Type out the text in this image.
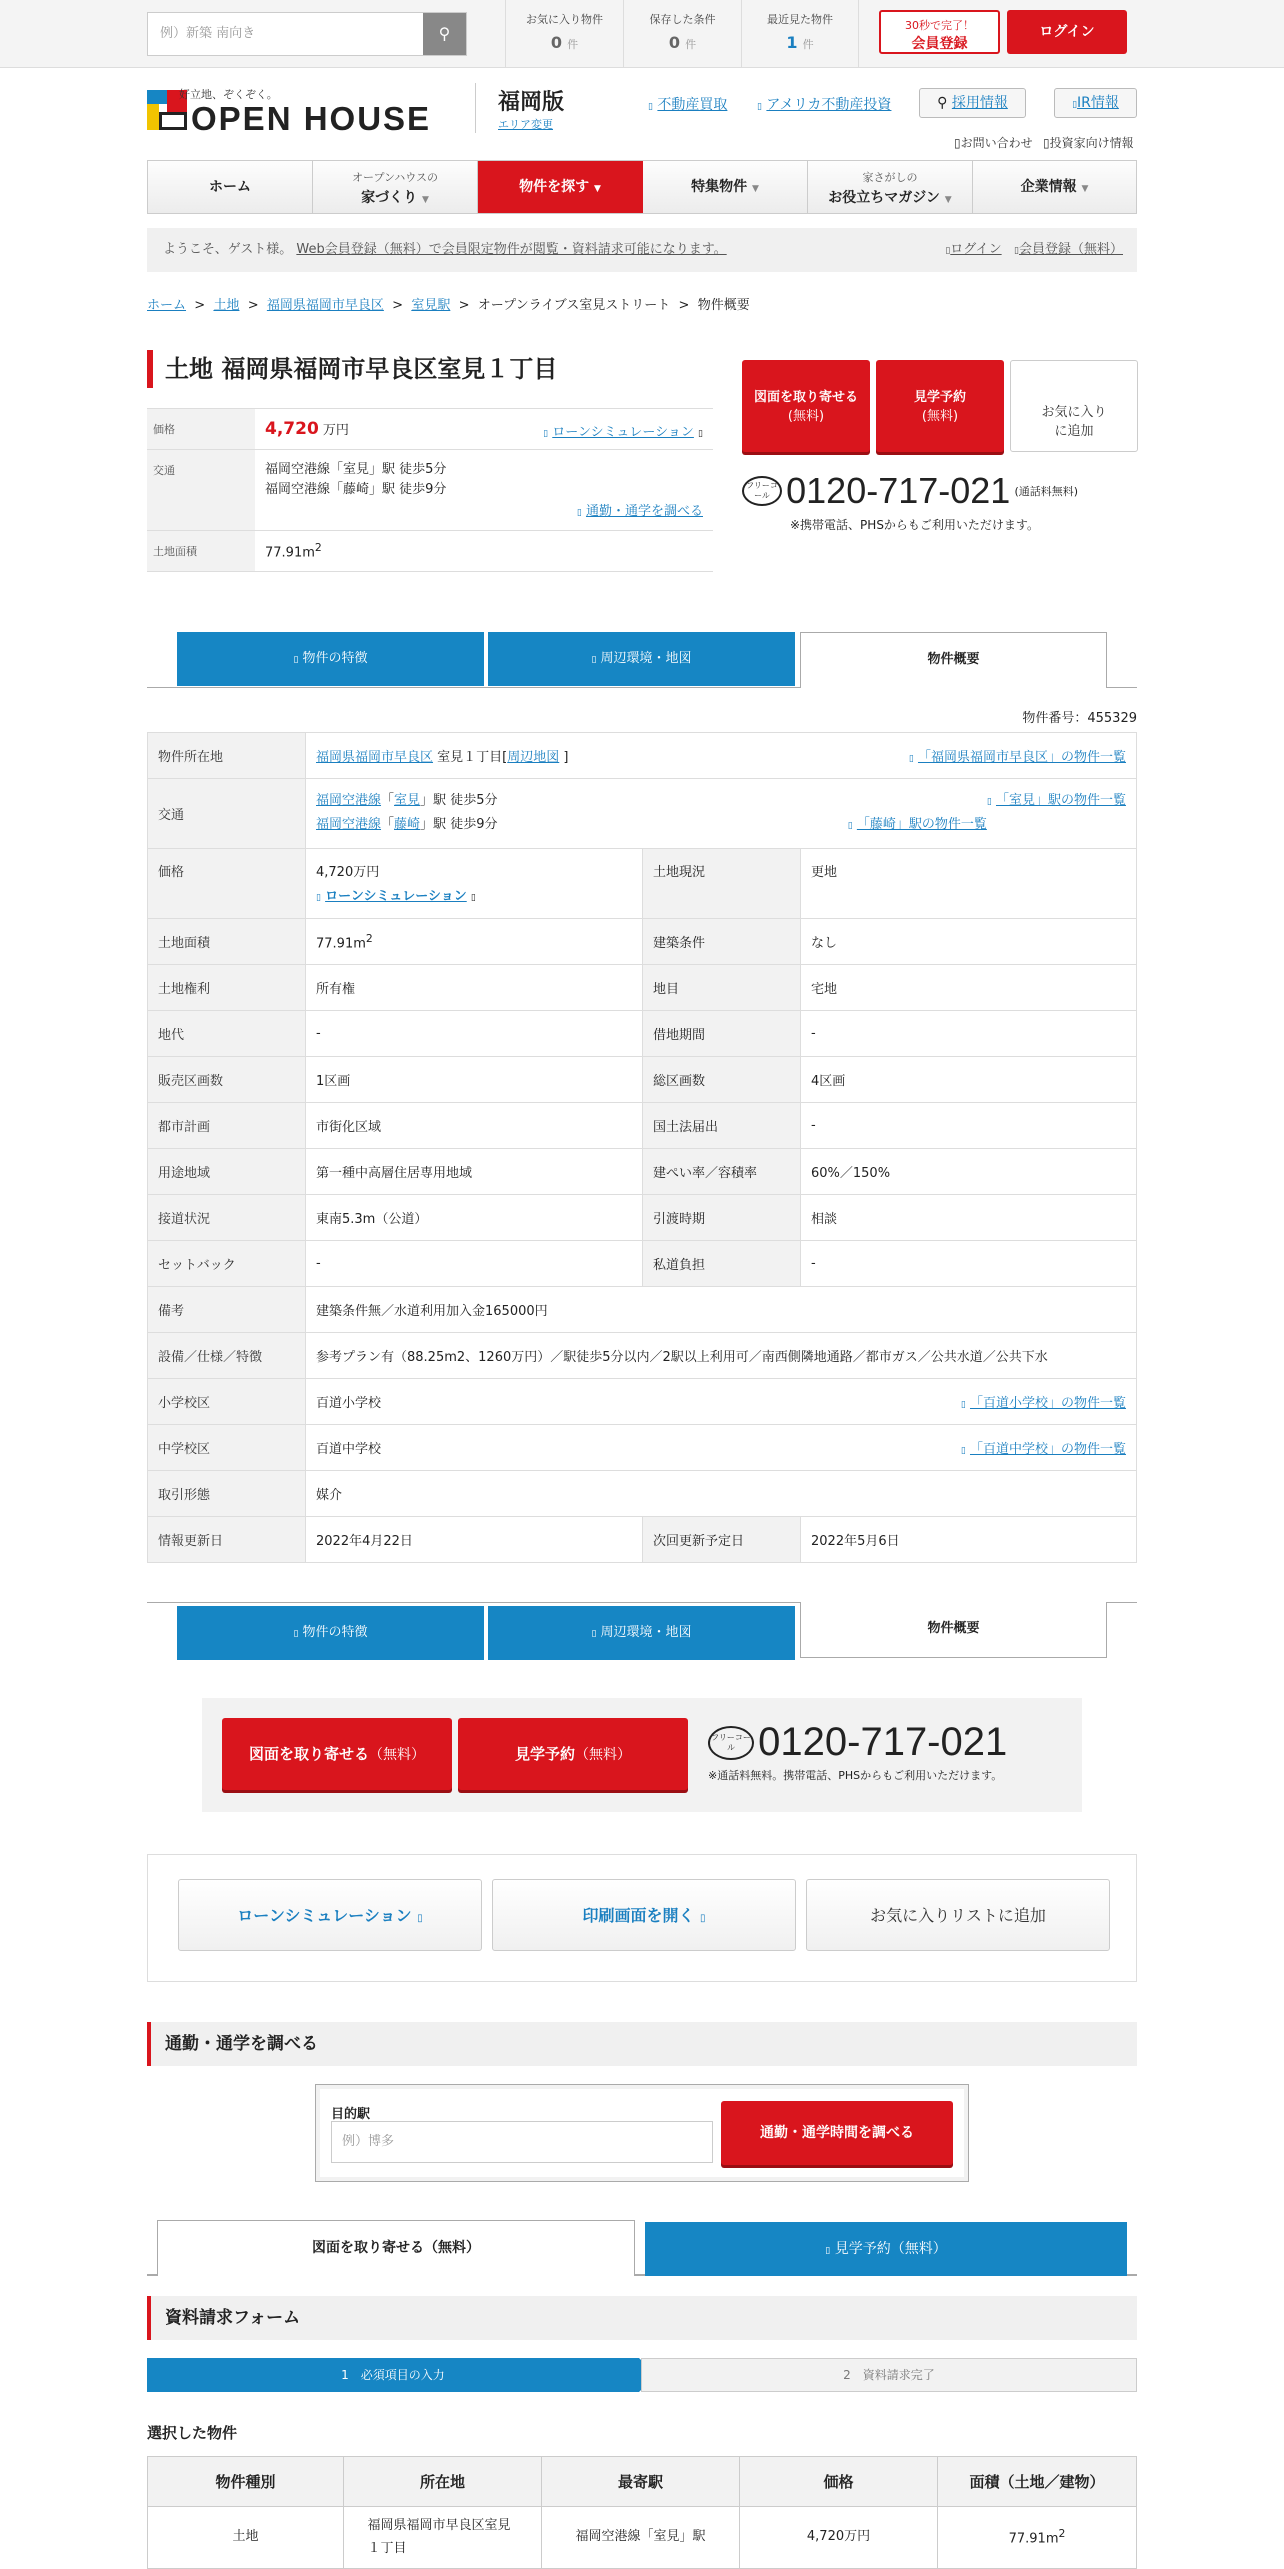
例）新築 南向き	⚲
お気に入り物件
0 件
保存した条件
0 件
最近見た物件
1 件
30秒で完了！
会員登録
ログイン
好立地、ぞくぞく。
OPEN HOUSE	福岡版
エリア変更
▯ 不動産買取	▯ アメリカ不動産投資	⚲ 採用情報	▯IR情報
▯お問い合わせ ▯投資家向け情報
ホーム
オープンハウスの
家づくり ▼
物件を探す ▼	特集物件 ▼
家さがしの
お役立ちマガジン ▼
企業情報 ▼
ようこそ、ゲスト様。 Web会員登録（無料）で会員限定物件が閲覧・資料請求可能になります。	▯ログイン ▯会員登録（無料）
ホーム  >  土地  >  福岡県福岡市早良区  >  室見駅  >  オープンライブス室見ストリート  >  物件概要
土地 福岡県福岡市早良区室見１丁目
価格	4,720 万円	▯ ローンシミュレーション ▯
交通	福岡空港線「室見」駅 徒歩5分
福岡空港線「藤崎」駅 徒歩9分
▯ 通勤・通学を調べる
土地面積	$77.91m^2$
図面を取り寄せる
(無料)
見学予約
(無料)	お気に入り
に追加
フリーコール 0120-717-021 (通話料無料)
※携帯電話、PHSからもご利用いただけます。
▯ 物件の特徴	▯ 周辺環境・地図	物件概要
物件番号：455329
物件所在地	福岡県福岡市早良区 室見１丁目[周辺地図 ] ▯ 「福岡県福岡市早良区」の物件一覧		

交通	福岡空港線「室見」駅 徒歩5分 ▯ 「室見」駅の物件一覧
福岡空港線「藤崎」駅 徒歩9分 ▯ 「藤崎」駅の物件一覧		

価格	4,720万円
▯ ローンシミュレーション ▯	土地現況	更地
土地面積	$77.91m^2$	建築条件	なし
土地権利	所有権	地目	宅地
地代	-	借地期間	-
販売区画数	1区画	総区画数	4区画
都市計画	市街化区域	国土法届出	-
用途地域	第一種中高層住居専用地域	建ぺい率／容積率	60%／150%
接道状況	東南5.3m（公道）	引渡時期	相談
セットバック	-	私道負担	-
備考	建築条件無／水道利用加入金165000円		
設備／仕様／特徴	参考プラン有（88.25m2、1260万円）／駅徒歩5分以内／2駅以上利用可／南西側隣地通路／都市ガス／公共水道／公共下水		
小学校区	百道小学校 ▯ 「百道小学校」の物件一覧		

中学校区	百道中学校 ▯ 「百道中学校」の物件一覧		

取引形態	媒介		
情報更新日	2022年4月22日	次回更新予定日	2022年5月6日
▯ 物件の特徴	▯ 周辺環境・地図	物件概要
図面を取り寄せる（無料）	見学予約（無料）
フリーコール 0120-717-021
※通話料無料。携帯電話、PHSからもご利用いただけます。
ローンシミュレーション ▯	印刷画面を開く ▯	お気に入りリストに追加
通勤・通学を調べる
目的駅
例）博多
通勤・通学時間を調べる
図面を取り寄せる（無料）	▯ 見学予約（無料）
資料請求フォーム
1　必須項目の入力	2　資料請求完了
選択した物件
物件種別	所在地	最寄駅	価格	面積（土地／建物）
土地	福岡県福岡市早良区室見１丁目	福岡空港線「室見」駅	4,720万円	$77.91m^2$
